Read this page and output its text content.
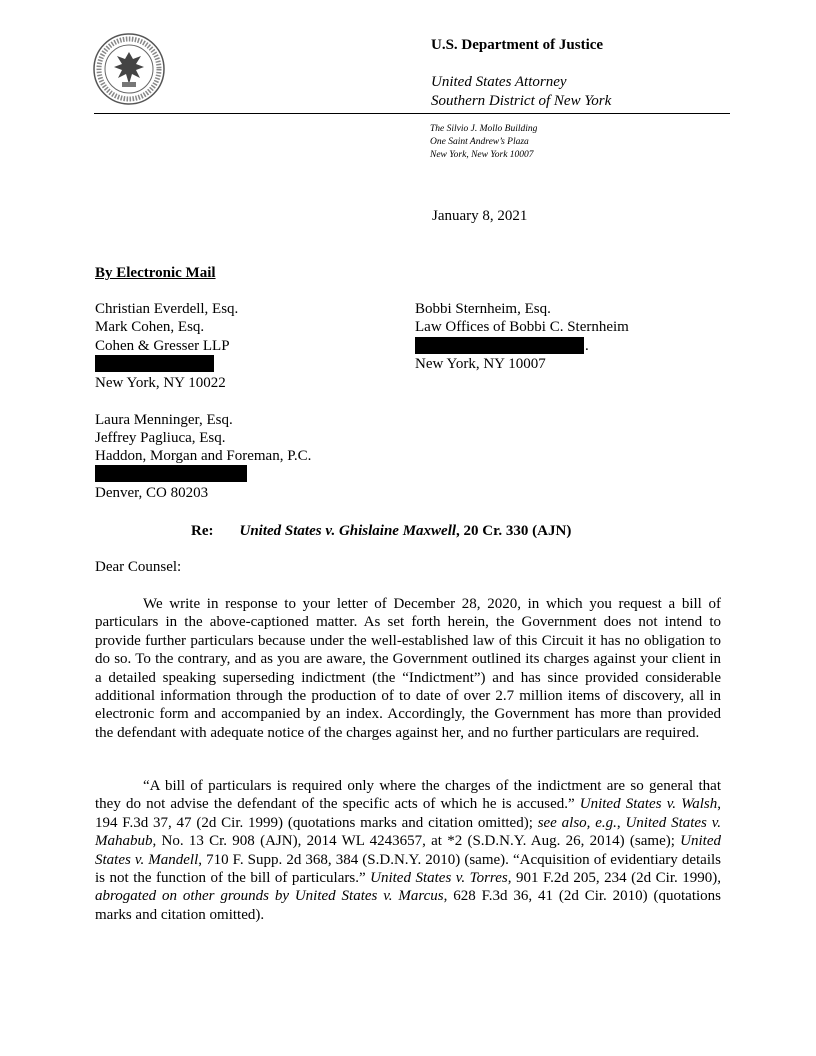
U.S. Department of Justice
United States Attorney
Southern District of New York
The Silvio J. Mollo Building
One Saint Andrew’s Plaza
New York, New York 10007
January 8, 2021
By Electronic Mail
Christian Everdell, Esq.
Mark Cohen, Esq.
Cohen & Gresser LLP
New York, NY 10022
Bobbi Sternheim, Esq.
Law Offices of Bobbi C. Sternheim
.
New York, NY 10007
Laura Menninger, Esq.
Jeffrey Pagliuca, Esq.
Haddon, Morgan and Foreman, P.C.
Denver, CO 80203
Re: United States v. Ghislaine Maxwell, 20 Cr. 330 (AJN)
Dear Counsel:

We write in response to your letter of December 28, 2020, in which you request a bill of particulars in the above-captioned matter. As set forth herein, the Government does not intend to provide further particulars because under the well-established law of this Circuit it has no obligation to do so. To the contrary, and as you are aware, the Government outlined its charges against your client in a detailed speaking superseding indictment (the “Indictment”) and has since provided considerable additional information through the production of to date of over 2.7 million items of discovery, all in electronic form and accompanied by an index. Accordingly, the Government has more than provided the defendant with adequate notice of the charges against her, and no further particulars are required.

“A bill of particulars is required only where the charges of the indictment are so general that they do not advise the defendant of the specific acts of which he is accused.” United States v. Walsh, 194 F.3d 37, 47 (2d Cir. 1999) (quotations marks and citation omitted); see also, e.g., United States v. Mahabub, No. 13 Cr. 908 (AJN), 2014 WL 4243657, at *2 (S.D.N.Y. Aug. 26, 2014) (same); United States v. Mandell, 710 F. Supp. 2d 368, 384 (S.D.N.Y. 2010) (same). “Acquisition of evidentiary details is not the function of the bill of particulars.” United States v. Torres, 901 F.2d 205, 234 (2d Cir. 1990), abrogated on other grounds by United States v. Marcus, 628 F.3d 36, 41 (2d Cir. 2010) (quotations marks and citation omitted).
